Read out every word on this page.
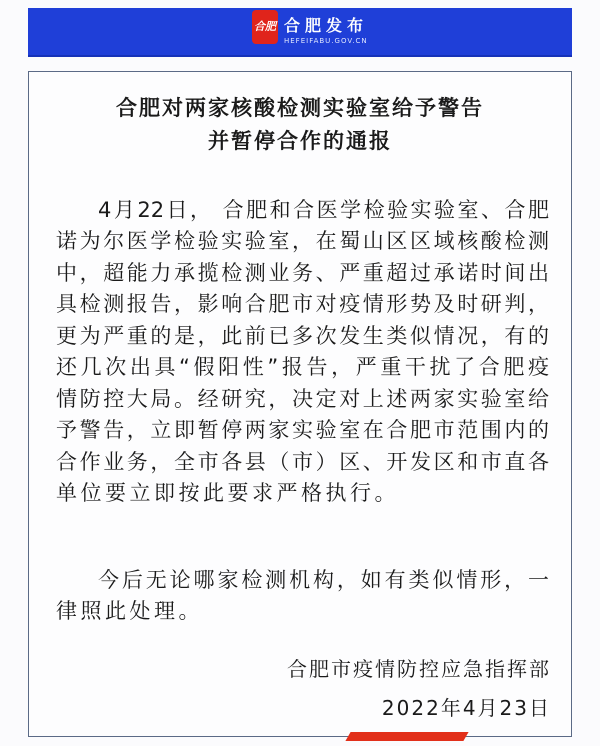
合肥 合肥发布
HEFEIFABU.GOV.CN
合肥对两家核酸检测实验室给予警告
并暂停合作的通报
4月22日， 合肥和合医学检验实验室、合肥
诺为尔医学检验实验室，在蜀山区区域核酸检测
中，超能力承揽检测业务、严重超过承诺时间出
具检测报告，影响合肥市对疫情形势及时研判，
更为严重的是，此前已多次发生类似情况，有的
还几次出具“假阳性”报告，严重干扰了合肥疫
情防控大局。经研究，决定对上述两家实验室给
予警告，立即暂停两家实验室在合肥市范围内的
合作业务，全市各县（市）区、开发区和市直各
单位要立即按此要求严格执行。
今后无论哪家检测机构，如有类似情形，一
律照此处理。
合肥市疫情防控应急指挥部
2022年4月23日
